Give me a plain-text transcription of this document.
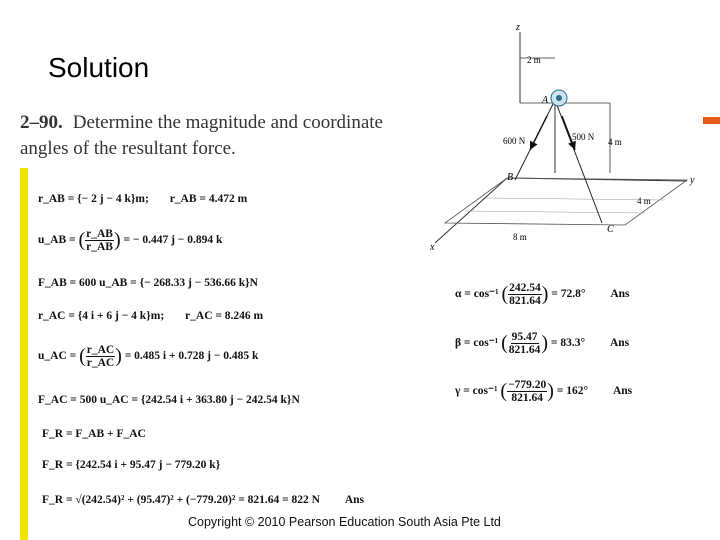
Solution
2–90. Determine the magnitude and coordinate angles of the resultant force.
z
y
x
2 m
4 m
4 m
8 m
A
B
C
600 N	500 N
r_AB = {− 2 j − 4 k}m; r_AB = 4.472 m
u_AB = ( $\frac{r\_AB}{r\_AB}$ ) = − 0.447 j − 0.894 k
F_AB = 600 u_AB = {− 268.33 j − 536.66 k}N
r_AC = {4 i + 6 j − 4 k}m; r_AC = 8.246 m
u_AC = ( $\frac{r\_AC}{r\_AC}$ ) = 0.485 i + 0.728 j − 0.485 k
F_AC = 500 u_AC = {242.54 i + 363.80 j − 242.54 k}N
F_R = F_AB + F_AC
F_R = {242.54 i + 95.47 j − 779.20 k}
F_R = √(242.54)² + (95.47)² + (−779.20)² = 821.64 = 822 N Ans
α = cos⁻¹ ( $\frac{242.54}{821.64}$ ) = 72.8° Ans
β = cos⁻¹ ( $\frac{95.47}{821.64}$ ) = 83.3° Ans
γ = cos⁻¹ ( $\frac{-779.20}{821.64}$ ) = 162° Ans
Copyright © 2010 Pearson Education South Asia Pte Ltd
